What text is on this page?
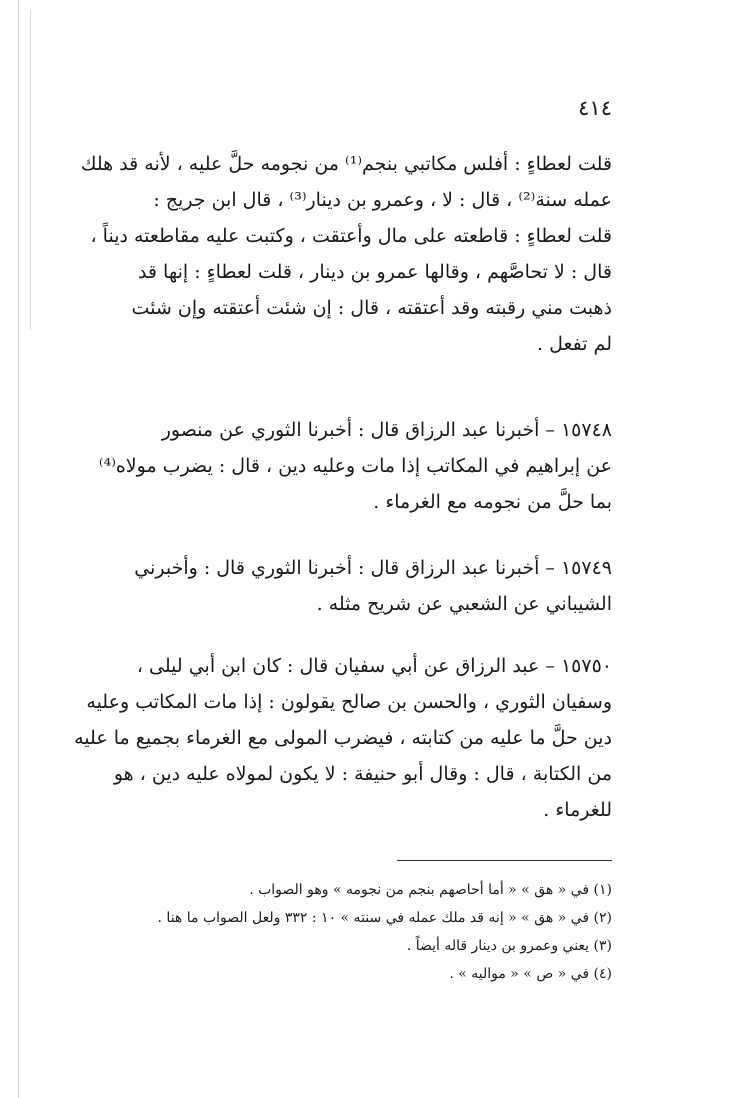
٤١٤
قلت لعطاءٍ : أفلس مكاتبي بنجم⁽¹⁾ من نجومه حلَّ عليه ، لأنه قد هلك
عمله سنة⁽²⁾ ، قال : لا ، وعمرو بن دينار⁽³⁾ ، قال ابن جريج :
قلت لعطاءٍ : قاطعته على مال وأعتقت ، وكتبت عليه مقاطعته ديناً ،
قال : لا تحاصَّهم ، وقالها عمرو بن دينار ، قلت لعطاءٍ : إنها قد
ذهبت مني رقبته وقد أعتقته ، قال : إن شئت أعتقته وإن شئت
لم تفعل .
١٥٧٤٨ – أخبرنا عبد الرزاق قال : أخبرنا الثوري عن منصور
عن إبراهيم في المكاتب إذا مات وعليه دين ، قال : يضرب مولاه⁽⁴⁾
بما حلَّ من نجومه مع الغرماء .
١٥٧٤٩ – أخبرنا عبد الرزاق قال : أخبرنا الثوري قال : وأخبرني
الشيباني عن الشعبي عن شريح مثله .
١٥٧٥٠ – عبد الرزاق عن أبي سفيان قال : كان ابن أبي ليلى ،
وسفيان الثوري ، والحسن بن صالح يقولون : إذا مات المكاتب وعليه
دين حلَّ ما عليه من كتابته ، فيضرب المولى مع الغرماء بجميع ما عليه
من الكتابة ، قال : وقال أبو حنيفة : لا يكون لمولاه عليه دين ، هو
للغرماء .
(١) في « هق » « أما أحاصهم بنجم من نجومه » وهو الصواب .
(٢) في « هق » « إنه قد ملك عمله في سنته » ١٠ : ٣٣٢ ولعل الصواب ما هنا .
(٣) يعني وعمرو بن دينار قاله أيضاً .
(٤) في « ص » « مواليه » .
